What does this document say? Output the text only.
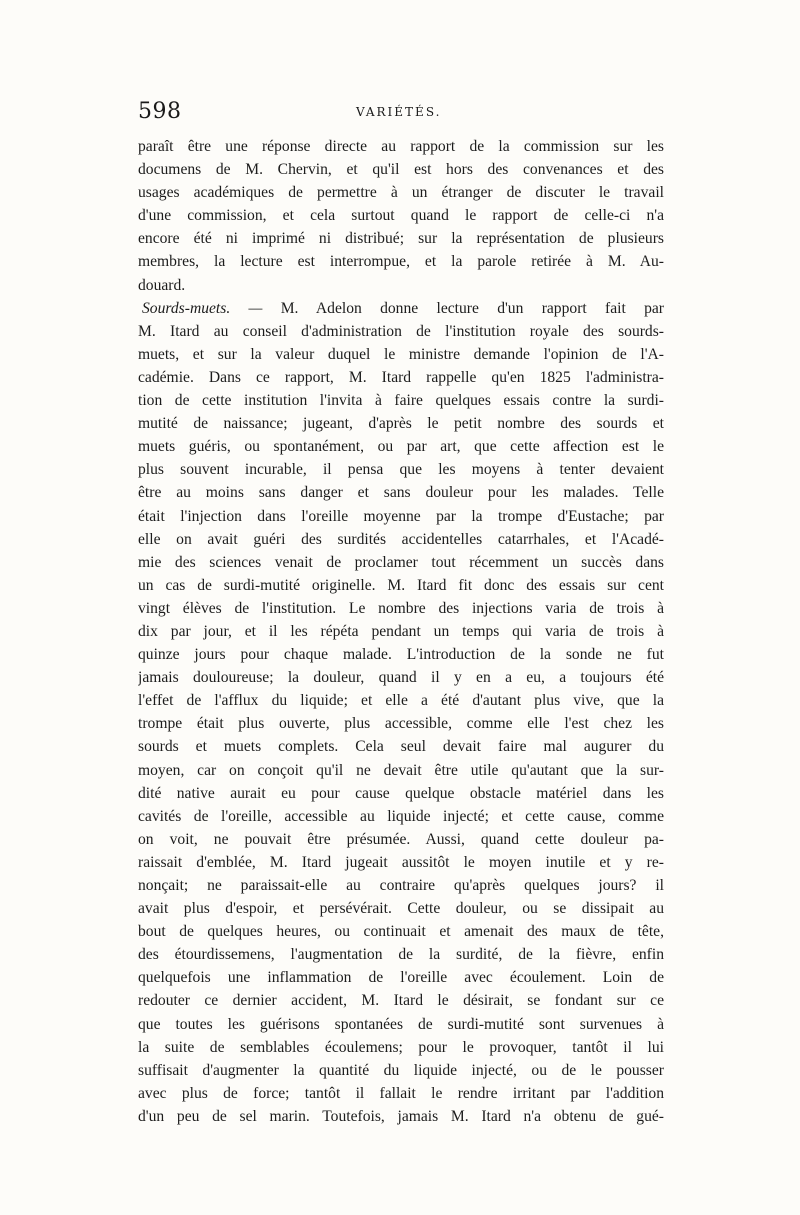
598	VARIÉTÉS.
paraît être une réponse directe au rapport de la commission sur les
documens de M. Chervin, et qu'il est hors des convenances et des
usages académiques de permettre à un étranger de discuter le travail
d'une commission, et cela surtout quand le rapport de celle-ci n'a
encore été ni imprimé ni distribué; sur la représentation de plusieurs
membres, la lecture est interrompue, et la parole retirée à M. Au-
douard.
Sourds-muets. — M. Adelon donne lecture d'un rapport fait par
M. Itard au conseil d'administration de l'institution royale des sourds-
muets, et sur la valeur duquel le ministre demande l'opinion de l'A-
cadémie. Dans ce rapport, M. Itard rappelle qu'en 1825 l'administra-
tion de cette institution l'invita à faire quelques essais contre la surdi-
mutité de naissance; jugeant, d'après le petit nombre des sourds et
muets guéris, ou spontanément, ou par art, que cette affection est le
plus souvent incurable, il pensa que les moyens à tenter devaient
être au moins sans danger et sans douleur pour les malades. Telle
était l'injection dans l'oreille moyenne par la trompe d'Eustache; par
elle on avait guéri des surdités accidentelles catarrhales, et l'Acadé-
mie des sciences venait de proclamer tout récemment un succès dans
un cas de surdi-mutité originelle. M. Itard fit donc des essais sur cent
vingt élèves de l'institution. Le nombre des injections varia de trois à
dix par jour, et il les répéta pendant un temps qui varia de trois à
quinze jours pour chaque malade. L'introduction de la sonde ne fut
jamais douloureuse; la douleur, quand il y en a eu, a toujours été
l'effet de l'afflux du liquide; et elle a été d'autant plus vive, que la
trompe était plus ouverte, plus accessible, comme elle l'est chez les
sourds et muets complets. Cela seul devait faire mal augurer du
moyen, car on conçoit qu'il ne devait être utile qu'autant que la sur-
dité native aurait eu pour cause quelque obstacle matériel dans les
cavités de l'oreille, accessible au liquide injecté; et cette cause, comme
on voit, ne pouvait être présumée. Aussi, quand cette douleur pa-
raissait d'emblée, M. Itard jugeait aussitôt le moyen inutile et y re-
nonçait; ne paraissait-elle au contraire qu'après quelques jours? il
avait plus d'espoir, et persévérait. Cette douleur, ou se dissipait au
bout de quelques heures, ou continuait et amenait des maux de tête,
des étourdissemens, l'augmentation de la surdité, de la fièvre, enfin
quelquefois une inflammation de l'oreille avec écoulement. Loin de
redouter ce dernier accident, M. Itard le désirait, se fondant sur ce
que toutes les guérisons spontanées de surdi-mutité sont survenues à
la suite de semblables écoulemens; pour le provoquer, tantôt il lui
suffisait d'augmenter la quantité du liquide injecté, ou de le pousser
avec plus de force; tantôt il fallait le rendre irritant par l'addition
d'un peu de sel marin. Toutefois, jamais M. Itard n'a obtenu de gué-
